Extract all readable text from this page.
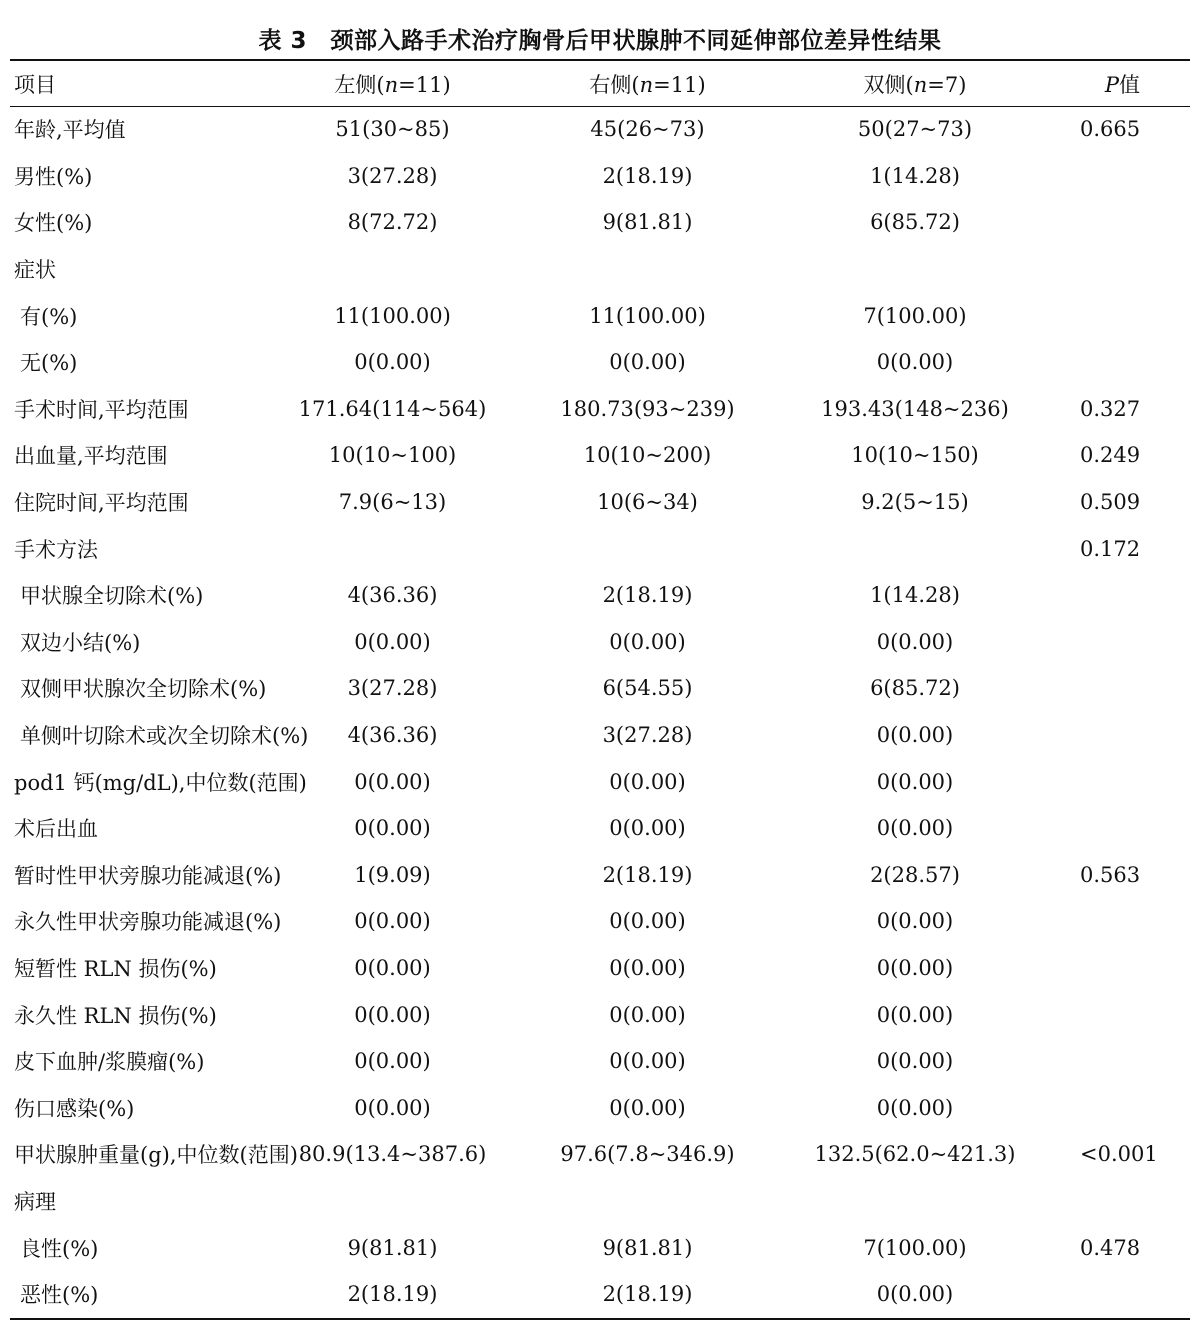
表 3　颈部入路手术治疗胸骨后甲状腺肿不同延伸部位差异性结果
项目	左侧(n=11)	右侧(n=11)	双侧(n=7)	P值
年龄,平均值	51(30~85)	45(26~73)	50(27~73)	0.665
男性(%)	3(27.28)	2(18.19)	1(14.28)	
女性(%)	8(72.72)	9(81.81)	6(85.72)	
症状				
有(%)	11(100.00)	11(100.00)	7(100.00)	
无(%)	0(0.00)	0(0.00)	0(0.00)	
手术时间,平均范围	171.64(114~564)	180.73(93~239)	193.43(148~236)	0.327
出血量,平均范围	10(10~100)	10(10~200)	10(10~150)	0.249
住院时间,平均范围	7.9(6~13)	10(6~34)	9.2(5~15)	0.509
手术方法				0.172
甲状腺全切除术(%)	4(36.36)	2(18.19)	1(14.28)	
双边小结(%)	0(0.00)	0(0.00)	0(0.00)	
双侧甲状腺次全切除术(%)	3(27.28)	6(54.55)	6(85.72)	
单侧叶切除术或次全切除术(%)	4(36.36)	3(27.28)	0(0.00)	
pod1 钙(mg/dL),中位数(范围)	0(0.00)	0(0.00)	0(0.00)	
术后出血	0(0.00)	0(0.00)	0(0.00)	
暂时性甲状旁腺功能减退(%)	1(9.09)	2(18.19)	2(28.57)	0.563
永久性甲状旁腺功能减退(%)	0(0.00)	0(0.00)	0(0.00)	
短暂性 RLN 损伤(%)	0(0.00)	0(0.00)	0(0.00)	
永久性 RLN 损伤(%)	0(0.00)	0(0.00)	0(0.00)	
皮下血肿/浆膜瘤(%)	0(0.00)	0(0.00)	0(0.00)	
伤口感染(%)	0(0.00)	0(0.00)	0(0.00)	
甲状腺肿重量(g),中位数(范围)	80.9(13.4~387.6)	97.6(7.8~346.9)	132.5(62.0~421.3)	<0.001
病理				
良性(%)	9(81.81)	9(81.81)	7(100.00)	0.478
恶性(%)	2(18.19)	2(18.19)	0(0.00)	
